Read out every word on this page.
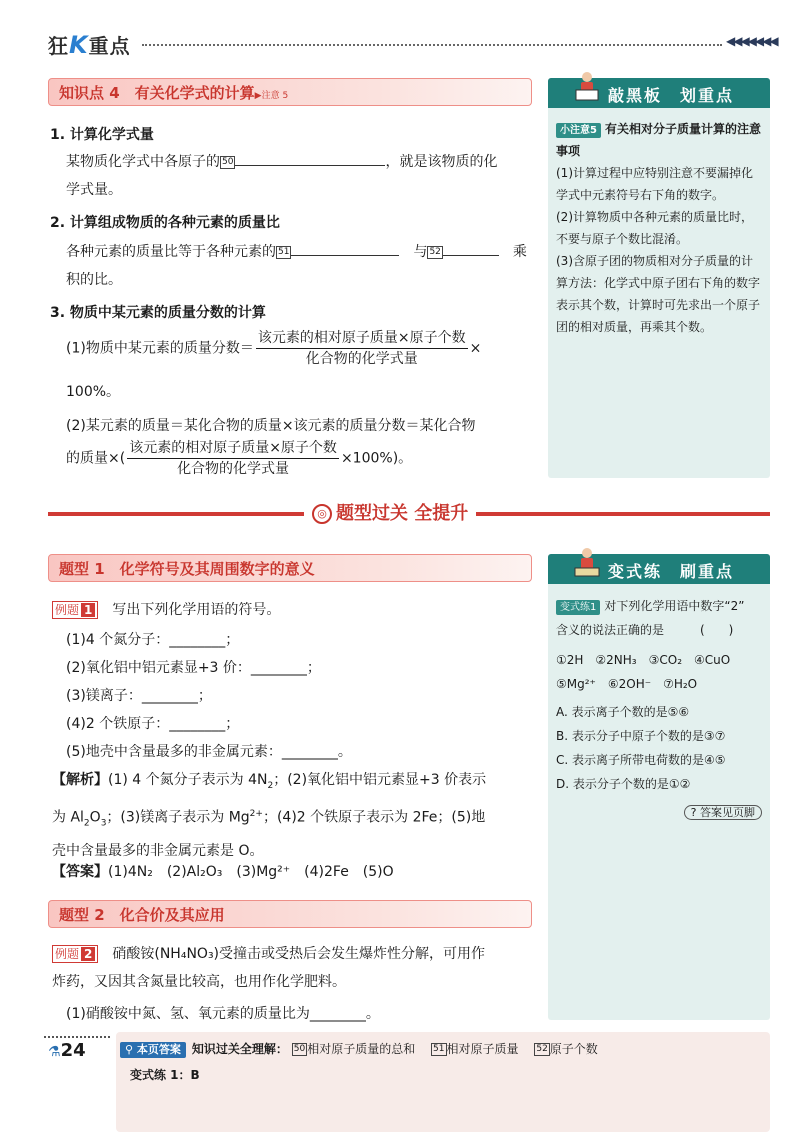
狂K重点	◀◀◀◀◀◀◀
知识点 4　有关化学式的计算▶注意 5
1. 计算化学式量
某物质化学式中各原子的 50	，就是该物质的化
学式量。
2. 计算组成物质的各种元素的质量比
各种元素的质量比等于各种元素的 51　	与 52　	乘
积的比。
3. 物质中某元素的质量分数的计算
(1)物质中某元素的质量分数＝ $\frac{\text{该元素的相对原子质量×原子个数}}{\text{化合物的化学式量}}$ ×
100%。
(2)某元素的质量＝某化合物的质量×该元素的质量分数＝某化合物
的质量×( $\frac{\text{该元素的相对原子质量×原子个数}}{\text{化合物的化学式量}} \times 100\%$)。
敲黑板　划重点
小注意5 有关相对分子质量计算的注意事项
(1)计算过程中应特别注意不要漏掉化学式中元素符号右下角的数字。
(2)计算物质中各种元素的质量比时，不要与原子个数比混淆。
(3)含原子团的物质相对分子质量的计算方法：化学式中原子团右下角的数字表示其个数，计算时可先求出一个原子团的相对质量，再乘其个数。
◎ 题型过关 全提升
题型 1　化学符号及其周围数字的意义
例题 1 写出下列化学用语的符号。
(1)4 个氮分子：________；
(2)氧化铝中铝元素显+3 价：________；
(3)镁离子：________；
(4)2 个铁原子：________；
(5)地壳中含量最多的非金属元素：________。
【解析】(1) 4 个氮分子表示为 $4N_2$；(2)氧化铝中铝元素显+3 价表示
为 $Al_2O_3$；(3)镁离子表示为 $Mg^{2+}$；(4)2 个铁原子表示为 2Fe；(5)地
壳中含量最多的非金属元素是 O。
【答案】(1)4N₂　(2)Al₂O₃　(3)Mg²⁺　(4)2Fe　(5)O
变式练　刷重点
变式练1 对下列化学用语中数字“2”
含义的说法正确的是　　　(　　)
①2H　②2NH₃　③CO₂　④CuO
⑤Mg²⁺　⑥2OH⁻　⑦H₂O
A. 表示离子个数的是⑤⑥
B. 表示分子中原子个数的是③⑦
C. 表示离子所带电荷数的是④⑤
D. 表示分子个数的是①②
? 答案见页脚
题型 2　化合价及其应用
例题 2 硝酸铵(NH₄NO₃)受撞击或受热后会发生爆炸性分解，可用作
炸药，又因其含氮量比较高，也用作化学肥料。
(1)硝酸铵中氮、氢、氧元素的质量比为________。
⚗24	⚲ 本页答案 知识过关全理解： 50 相对原子质量的总和　 51 相对原子质量　 52 原子个数
变式练 1：B
